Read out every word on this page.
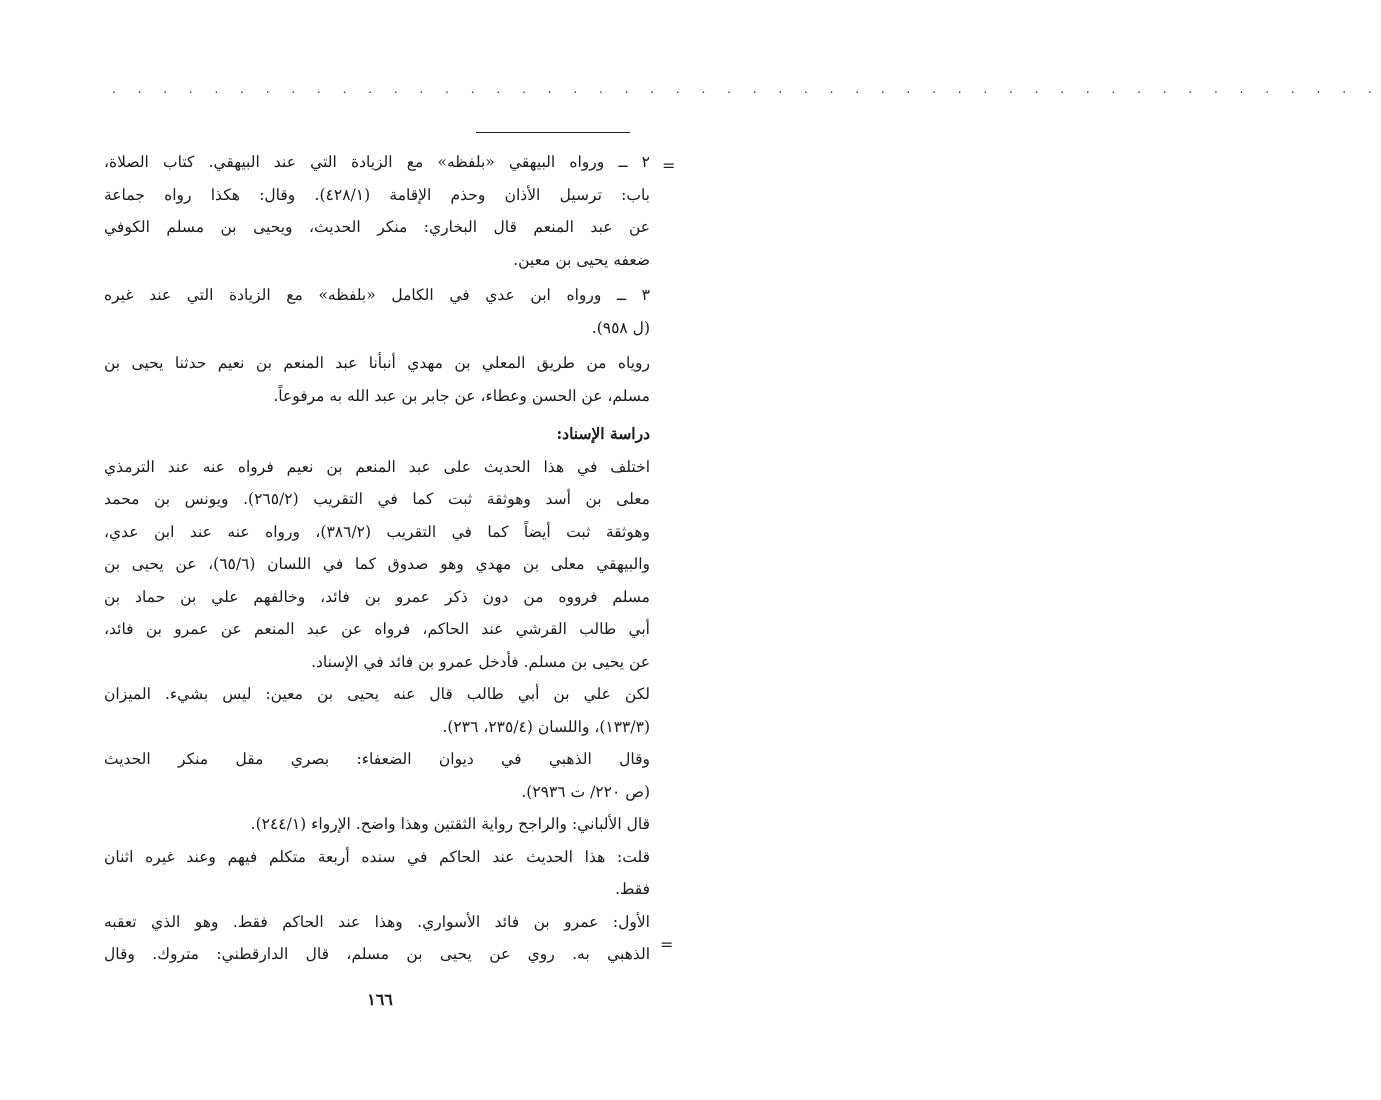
. . . . . . . . . . . . . . . . . . . . . . . . . . . . . . . . . . . . . . . . . . . . . . . . . .
=
٢ ــ ورواه البيهقي «بلفظه» مع الزيادة التي عند البيهقي. كتاب الصلاة،
باب: ترسيل الأذان وحذم الإقامة (٤٢٨/١). وقال: هكذا رواه جماعة
عن عبد المنعم قال البخاري: منكر الحديث، ويحيى بن مسلم الكوفي
ضعفه يحيى بن معين.
٣ ــ ورواه ابن عدي في الكامل «بلفظه» مع الزيادة التي عند غيره
(ل ٩٥٨).
روياه من طريق المعلي بن مهدي أنبأنا عبد المنعم بن نعيم حدثنا يحيى بن
مسلم، عن الحسن وعطاء، عن جابر بن عبد الله به مرفوعاً.
دراسة الإسناد:
اختلف في هذا الحديث على عبد المنعم بن نعيم فرواه عنه عند الترمذي
معلى بن أسد وهوثقة ثبت كما في التقريب (٢٦٥/٢). ويونس بن محمد
وهوثقة ثبت أيضاً كما في التقريب (٣٨٦/٢)، ورواه عنه عند ابن عدي،
والبيهقي معلى بن مهدي وهو صدوق كما في اللسان (٦٥/٦)، عن يحيى بن
مسلم فرووه من دون ذكر عمرو بن فائد، وخالفهم علي بن حماد بن
أبي طالب القرشي عند الحاكم، فرواه عن عبد المنعم عن عمرو بن فائد،
عن يحيى بن مسلم. فأدخل عمرو بن فائد في الإسناد.
لكن علي بن أبي طالب قال عنه يحيى بن معين: ليس بشيء. الميزان
(١٣٣/٣)، واللسان (٢٣٥/٤، ٢٣٦).
وقال الذهبي في ديوان الضعفاء: بصري مقل منكر الحديث
(ص ٢٢٠/ ت ٢٩٣٦).
قال الألباني: والراجح رواية الثقتين وهذا واضح. الإرواء (٢٤٤/١).
قلت: هذا الحديث عند الحاكم في سنده أربعة متكلم فيهم وعند غيره اثنان
فقط.
الأول: عمرو بن فائد الأسواري. وهذا عند الحاكم فقط. وهو الذي تعقبه
الذهبي به. روي عن يحيى بن مسلم، قال الدارقطني: متروك. وقال =
١٦٦
